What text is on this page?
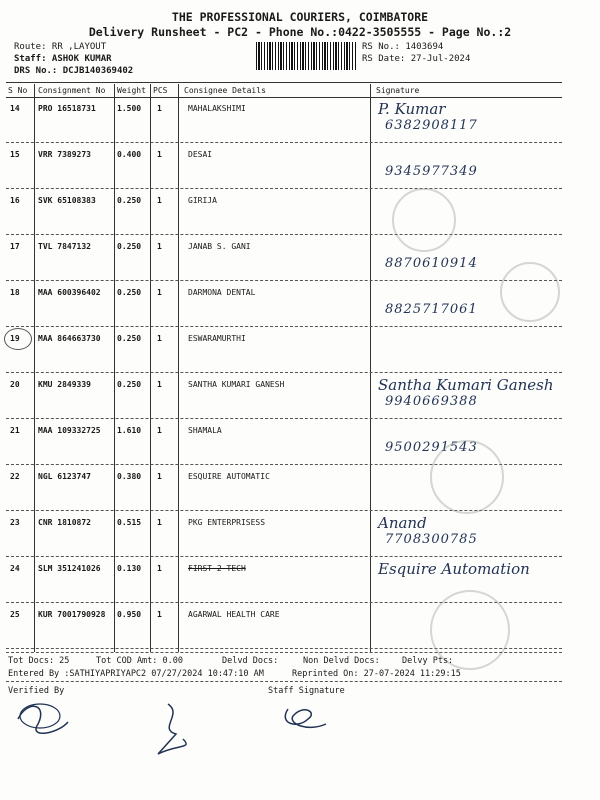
THE PROFESSIONAL COURIERS, COIMBATORE
Delivery Runsheet - PC2 - Phone No.:0422-3505555 - Page No.:2
Route: RR ,LAYOUT
Staff: ASHOK KUMAR
DRS No.: DCJB140369402
RS No.: 1403694
RS Date: 27-Jul-2024
S No Consignment No Weight PCS Consignee Details	Signature
14 PRO 16518731	1.500 1	MAHALAKSHIMI	P. Kumar
6382908117
15 VRR 7389273	0.400 1	DESAI
9345977349
16 SVK 65108383	0.250 1	GIRIJA
17 TVL 7847132	0.250 1	JANAB S. GANI
8870610914
18 MAA 600396402 0.250 1	DARMONA DENTAL
8825717061
19 MAA 864663730 0.250 1	ESWARAMURTHI
20 KMU 2849339	0.250 1	SANTHA KUMARI GANESH	Santha Kumari Ganesh
9940669388
21 MAA 109332725 1.610 1	SHAMALA
9500291543
22 NGL 6123747	0.380 1	ESQUIRE AUTOMATIC
23 CNR 1810872	0.515 1	PKG ENTERPRISESS	Anand
7708300785
24 SLM 351241026 0.130 1	FIRST 2 TECH	Esquire Automation
25 KUR 7001790928 0.950 1	AGARWAL HEALTH CARE
Tot Docs: 25	Tot COD Amt: 0.00	Delvd Docs:	Non Delvd Docs:	Delvy Pts:
Entered By :SATHIYAPRIYAPC2 07/27/2024 10:47:10 AM	Reprinted On: 27-07-2024 11:29:15
Verified By	Staff Signature
